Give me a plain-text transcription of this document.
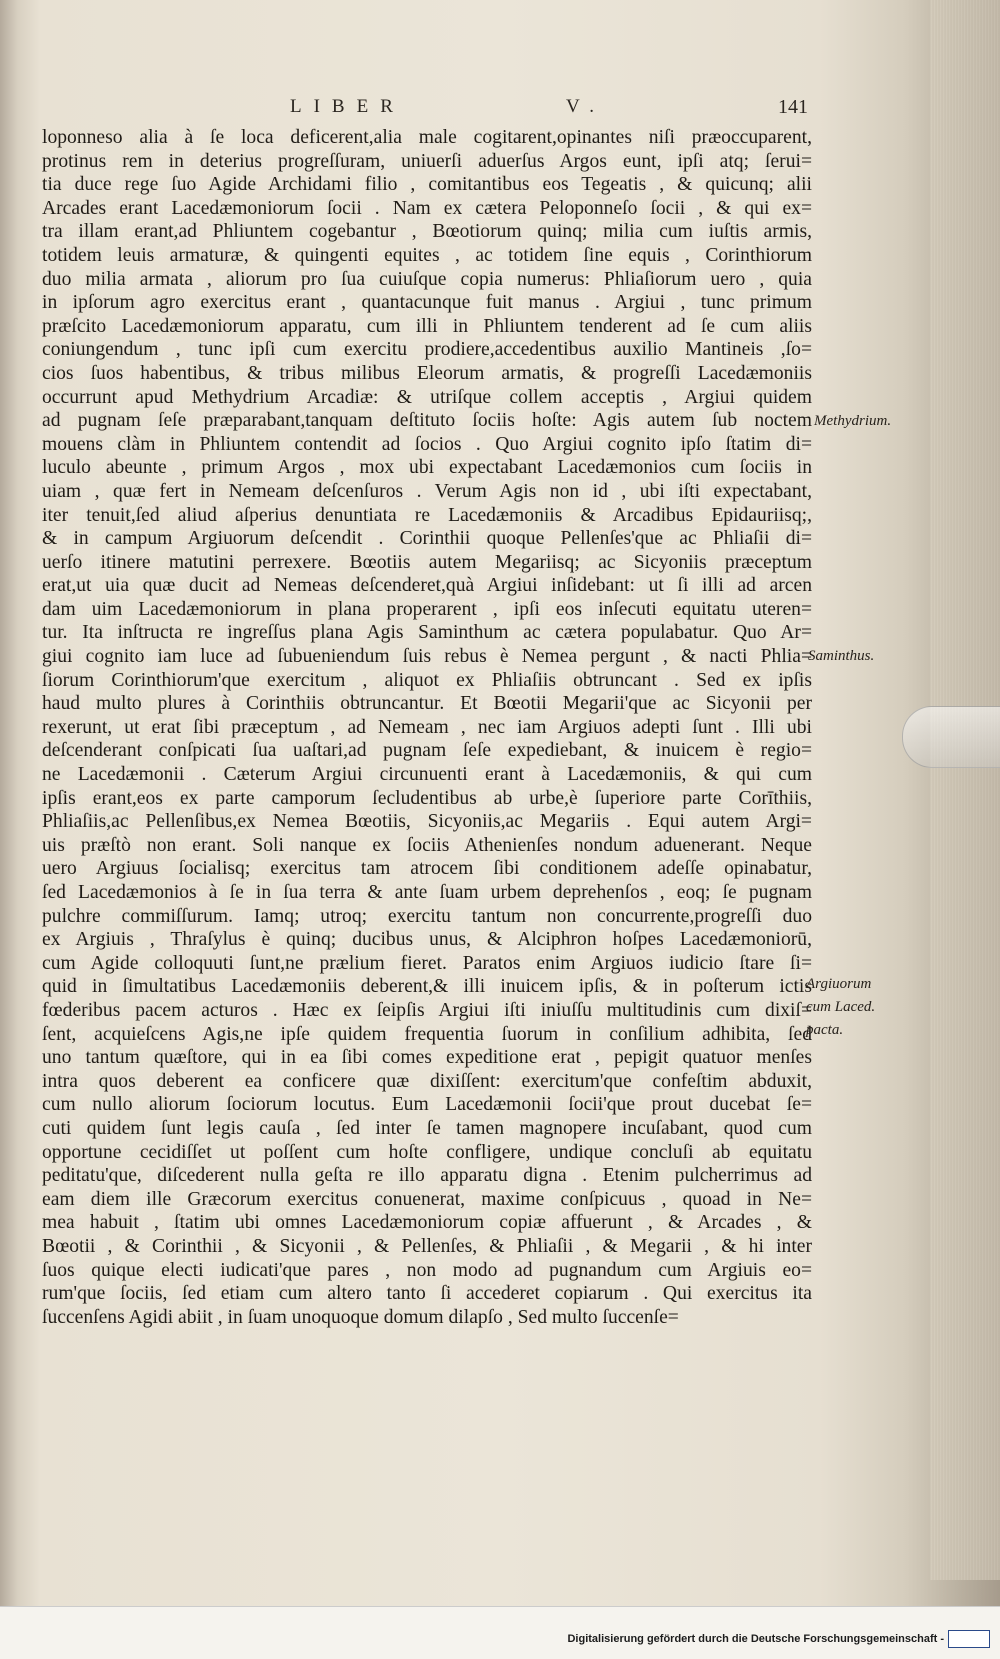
LIBER	V.	141
loponneso alia à ſe loca deficerent,alia male cogitarent,opinantes niſi præoccuparent,
protinus rem in deterius progreſſuram, uniuerſi aduerſus Argos eunt, ipſi atq; ſerui=
tia duce rege ſuo Agide Archidami filio , comitantibus eos Tegeatis , & quicunq; alii
Arcades erant Lacedæmoniorum ſocii . Nam ex cætera Peloponneſo ſocii , & qui ex=
tra illam erant,ad Phliuntem cogebantur , Bœotiorum quinq; milia cum iuſtis armis,
totidem leuis armaturæ, & quingenti equites , ac totidem ſine equis , Corinthiorum
duo milia armata , aliorum pro ſua cuiuſque copia numerus: Phliaſiorum uero , quia
in ipſorum agro exercitus erant , quantacunque fuit manus . Argiui , tunc primum
præſcito Lacedæmoniorum apparatu, cum illi in Phliuntem tenderent ad ſe cum aliis
coniungendum , tunc ipſi cum exercitu prodiere,accedentibus auxilio Mantineis ,ſo=
cios ſuos habentibus, & tribus milibus Eleorum armatis, & progreſſi Lacedæmoniis
occurrunt apud Methydrium Arcadiæ: & utriſque collem acceptis , Argiui quidem
ad pugnam ſeſe præparabant,tanquam deſtituto ſociis hoſte: Agis autem ſub noctem
mouens clàm in Phliuntem contendit ad ſocios . Quo Argiui cognito ipſo ſtatim di=
luculo abeunte , primum Argos , mox ubi expectabant Lacedæmonios cum ſociis in
uiam , quæ fert in Nemeam deſcenſuros . Verum Agis non id , ubi iſti expectabant,
iter tenuit,ſed aliud aſperius denuntiata re Lacedæmoniis & Arcadibus Epidauriisq;,
& in campum Argiuorum deſcendit . Corinthii quoque Pellenſes'que ac Phliaſii di=
uerſo itinere matutini perrexere. Bœotiis autem Megariisq; ac Sicyoniis præceptum
erat,ut uia quæ ducit ad Nemeas deſcenderet,quà Argiui inſidebant: ut ſi illi ad arcen
dam uim Lacedæmoniorum in plana properarent , ipſi eos inſecuti equitatu uteren=
tur. Ita inſtructa re ingreſſus plana Agis Saminthum ac cætera populabatur. Quo Ar=
giui cognito iam luce ad ſubueniendum ſuis rebus è Nemea pergunt , & nacti Phlia=
ſiorum Corinthiorum'que exercitum , aliquot ex Phliaſiis obtruncant . Sed ex ipſis
haud multo plures à Corinthiis obtruncantur. Et Bœotii Megarii'que ac Sicyonii per
rexerunt, ut erat ſibi præceptum , ad Nemeam , nec iam Argiuos adepti ſunt . Illi ubi
deſcenderant conſpicati ſua uaſtari,ad pugnam ſeſe expediebant, & inuicem è regio=
ne Lacedæmonii . Cæterum Argiui circunuenti erant à Lacedæmoniis, & qui cum
ipſis erant,eos ex parte camporum ſecludentibus ab urbe,è ſuperiore parte Corīthiis,
Phliaſiis,ac Pellenſibus,ex Nemea Bœotiis, Sicyoniis,ac Megariis . Equi autem Argi=
uis præſtò non erant. Soli nanque ex ſociis Athenienſes nondum aduenerant. Neque
uero Argiuus ſocialisq; exercitus tam atrocem ſibi conditionem adeſſe opinabatur,
ſed Lacedæmonios à ſe in ſua terra & ante ſuam urbem deprehenſos , eoq; ſe pugnam
pulchre commiſſurum. Iamq; utroq; exercitu tantum non concurrente,progreſſi duo
ex Argiuis , Thraſylus è quinq; ducibus unus, & Alciphron hoſpes Lacedæmoniorū,
cum Agide colloquuti ſunt,ne prælium fieret. Paratos enim Argiuos iudicio ſtare ſi=
quid in ſimultatibus Lacedæmoniis deberent,& illi inuicem ipſis, & in poſterum ictis
fœderibus pacem acturos . Hæc ex ſeipſis Argiui iſti iniuſſu multitudinis cum dixiſ=
ſent, acquieſcens Agis,ne ipſe quidem frequentia ſuorum in conſilium adhibita, ſed
uno tantum quæſtore, qui in ea ſibi comes expeditione erat , pepigit quatuor menſes
intra quos deberent ea conficere quæ dixiſſent: exercitum'que confeſtim abduxit,
cum nullo aliorum ſociorum locutus. Eum Lacedæmonii ſocii'que prout ducebat ſe=
cuti quidem ſunt legis cauſa , ſed inter ſe tamen magnopere incuſabant, quod cum
opportune cecidiſſet ut poſſent cum hoſte confligere, undique concluſi ab equitatu
peditatu'que, diſcederent nulla geſta re illo apparatu digna . Etenim pulcherrimus ad
eam diem ille Græcorum exercitus conuenerat, maxime conſpicuus , quoad in Ne=
mea habuit , ſtatim ubi omnes Lacedæmoniorum copiæ affuerunt , & Arcades , &
Bœotii , & Corinthii , & Sicyonii , & Pellenſes, & Phliaſii , & Megarii , & hi inter
ſuos quique electi iudicati'que pares , non modo ad pugnandum cum Argiuis eo=
rum'que ſociis, ſed etiam cum altero tanto ſi accederet copiarum . Qui exercitus ita
ſuccenſens Agidi abiit , in ſuam unoquoque domum dilapſo , Sed multo ſuccenſe=
Methydrium.
Saminthus.
Argiuorum
cum Laced.
pacta.
Digitalisierung gefördert durch die Deutsche Forschungsgemeinschaft -
